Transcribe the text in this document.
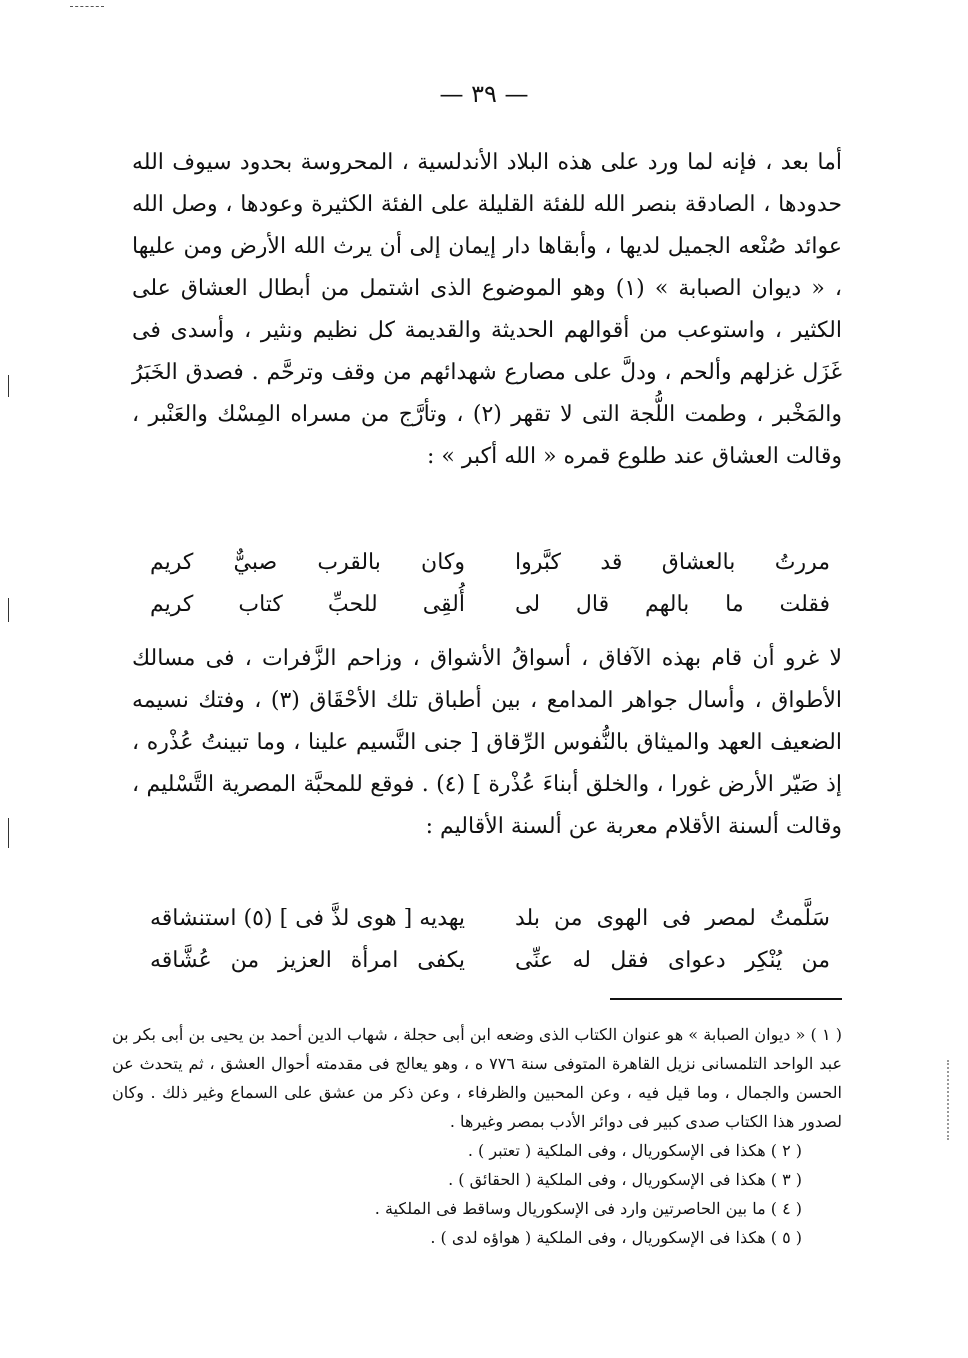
— ٣٩ —

أما بعد ، فإنه لما ورد على هذه البلاد الأندلسية ، المحروسة بحدود سيوف الله حدودها ، الصادقة بنصر الله للفئة القليلة على الفئة الكثيرة وعودها ، وصل الله عوائد صُنْعه الجميل لديها ، وأبقاها دار إيمان إلى أن يرث الله الأرض ومن عليها ، « ديوان الصبابة » (١) وهو الموضوع الذى اشتمل من أبطال العشاق على الكثير ، واستوعب من أقوالهم الحديثة والقديمة كل نظيم ونثير ، وأسدى فى غَزَل غزلهم وألحم ، ودلَّ على مصارع شهدائهم من وقف وترحَّم . فصدق الخَبَرُ والمَخْبر ، وطمت اللُّجة التى لا تقهر (٢) ، وتأرَّج من مسراه المِسْك والعَنْبر ، وقالت العشاق عند طلوع قمره « الله أكبر » :

مررتُ بالعشاق قد كبَّروا
وكان بالقرب صبيٌّ كريم
فقلت ما بالهم قال لى
أُلقِى للحبِّ كتاب كريم

لا غرو أن قام بهذه الآفاق ، أسواقُ الأشواق ، وزاحم الزَّفرات ، فى مسالك الأطواق ، وأسال جواهر المدامع ، بين أطباق تلك الأحْقَاق (٣) ، وفتك نسيمه الضعيف العهد والميثاق بالنُّفوس الرِّقاق [ جنى النَّسيم علينا ، وما تبينتُ عُذْره ، إذ صَيّر الأرض غورا ، والخلق أبناءَ عُذْرة ] (٤) . فوقع للمحبَّة المصرية التَّسْليم ، وقالت ألسنة الأقلام معربة عن ألسنة الأقاليم :

سَلَّمتُ لمصر فى الهوى من بلد
يهديه [ هوى لذَّ فى ] (٥) استنشاقه
من يُنْكِر دعواى فقل له عنِّى
يكفى امرأة العزيز من عُشَّاقه

( ١ ) « ديوان الصبابة » هو عنوان الكتاب الذى وضعه ابن أبى حجلة ، شهاب الدين أحمد بن يحيى بن أبى بكر بن عبد الواحد التلمسانى نزيل القاهرة المتوفى سنة ٧٧٦ ه ، وهو يعالج فى مقدمته أحوال العشق ، ثم يتحدث عن الحسن والجمال ، وما قيل فيه ، وعن المحبين والظرفاء ، وعن ذكر من عشق على السماع وغير ذلك . وكان لصدور هذا الكتاب صدى كبير فى دوائر الأدب بمصر وغيرها .

( ٢ ) هكذا فى الإسكوريال ، وفى الملكية ( تعتبر ) .

( ٣ ) هكذا فى الإسكوريال ، وفى الملكية ( الحقائق ) .

( ٤ ) ما بين الحاصرتين وارد فى الإسكوريال وساقط فى الملكية .

( ٥ ) هكذا فى الإسكوريال ، وفى الملكية ( هواؤه لدى ) .
